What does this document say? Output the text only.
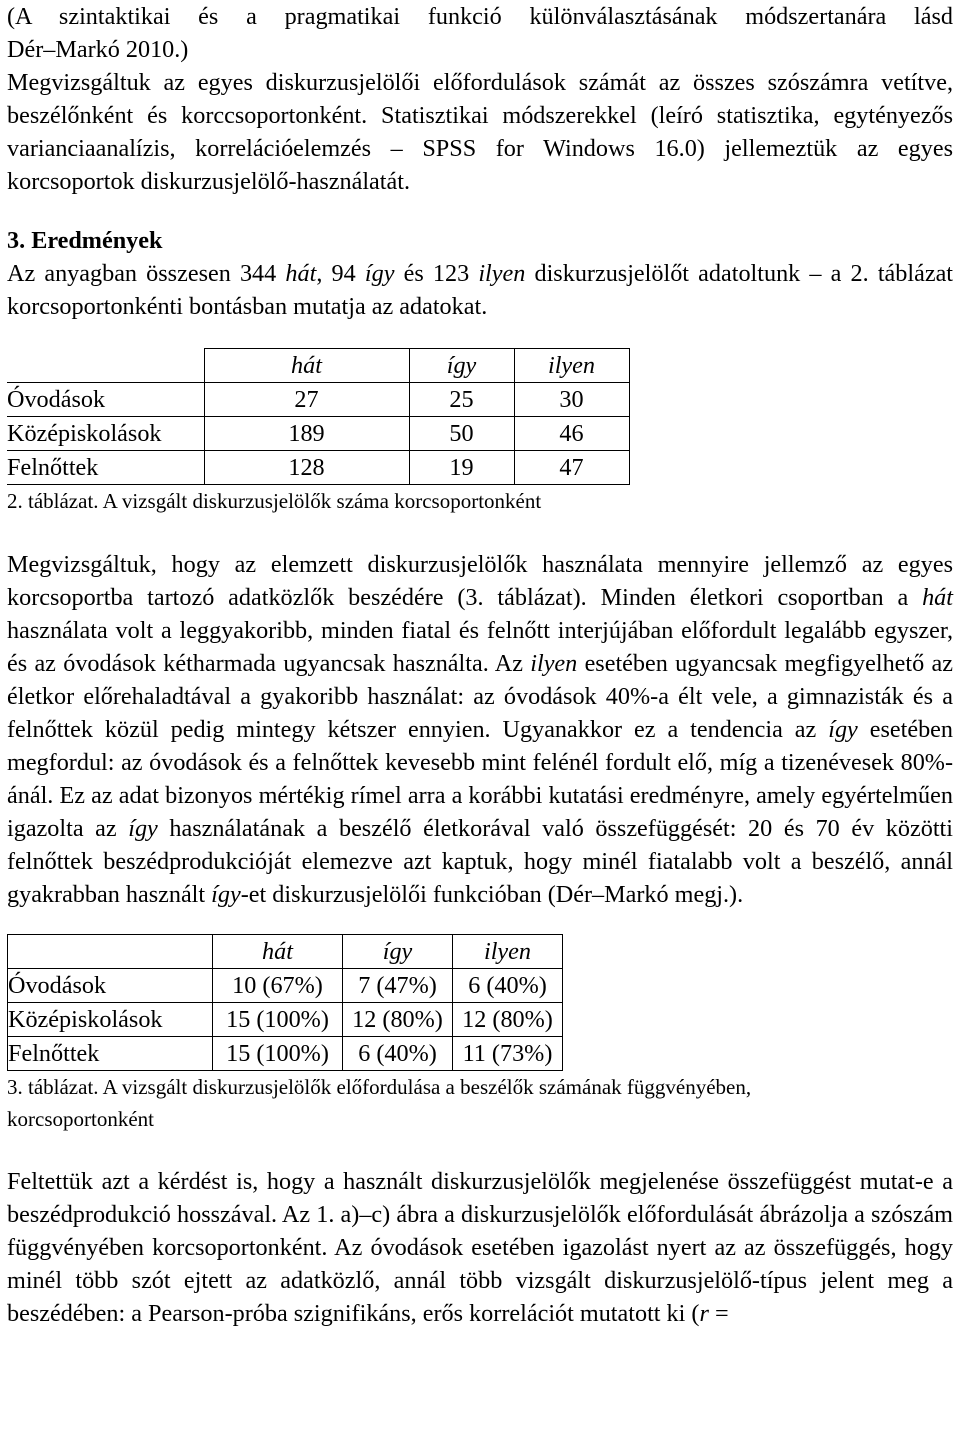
(A szintaktikai és a pragmatikai funkció különválasztásának módszertanára lásd

Dér–Markó 2010.)

Megvizsgáltuk az egyes diskurzusjelölői előfordulások számát az összes szószámra vetítve, beszélőnként és korccsoportonként. Statisztikai módszerekkel (leíró statisztika, egytényezős varianciaanalízis, korrelációelemzés – SPSS for Windows 16.0) jellemeztük az egyes korcsoportok diskurzusjelölő-használatát.

3. Eredmények

Az anyagban összesen 344 hát, 94 így és 123 ilyen diskurzusjelölőt adatoltunk – a 2. táblázat korcsoportonkénti bontásban mutatja az adatokat.

	hát	így	ilyen
Óvodások	27	25	30
Középiskolások	189	50	46
Felnőttek	128	19	47
2. táblázat. A vizsgált diskurzusjelölők száma korcsoportonként

Megvizsgáltuk, hogy az elemzett diskurzusjelölők használata mennyire jellemző az egyes korcsoportba tartozó adatközlők beszédére (3. táblázat). Minden életkori csoportban a hát használata volt a leggyakoribb, minden fiatal és felnőtt interjújában előfordult legalább egyszer, és az óvodások kétharmada ugyancsak használta. Az ilyen esetében ugyancsak megfigyelhető az életkor előrehaladtával a gyakoribb használat: az óvodások 40%-a élt vele, a gimnazisták és a felnőttek közül pedig mintegy kétszer ennyien. Ugyanakkor ez a tendencia az így esetében megfordul: az óvodások és a felnőttek kevesebb mint felénél fordult elő, míg a tizenévesek 80%-ánál. Ez az adat bizonyos mértékig rímel arra a korábbi kutatási eredményre, amely egyértelműen igazolta az így használatának a beszélő életkorával való összefüggését: 20 és 70 év közötti felnőttek beszédprodukcióját elemezve azt kaptuk, hogy minél fiatalabb volt a beszélő, annál gyakrabban használt így-et diskurzusjelölői funkcióban (Dér–Markó megj.).

	hát	így	ilyen
Óvodások	10 (67%)	7 (47%)	6 (40%)
Középiskolások	15 (100%)	12 (80%)	12 (80%)
Felnőttek	15 (100%)	6 (40%)	11 (73%)
3. táblázat. A vizsgált diskurzusjelölők előfordulása a beszélők számának függvényében,
korcsoportonként

Feltettük azt a kérdést is, hogy a használt diskurzusjelölők megjelenése összefüggést mutat-e a beszédprodukció hosszával. Az 1. a)–c) ábra a diskurzusjelölők előfordulását ábrázolja a szószám függvényében korcsoportonként. Az óvodások esetében igazolást nyert az az összefüggés, hogy minél több szót ejtett az adatközlő, annál több vizsgált diskurzusjelölő-típus jelent meg a beszédében: a Pearson-próba szignifikáns, erős korrelációt mutatott ki (r =
